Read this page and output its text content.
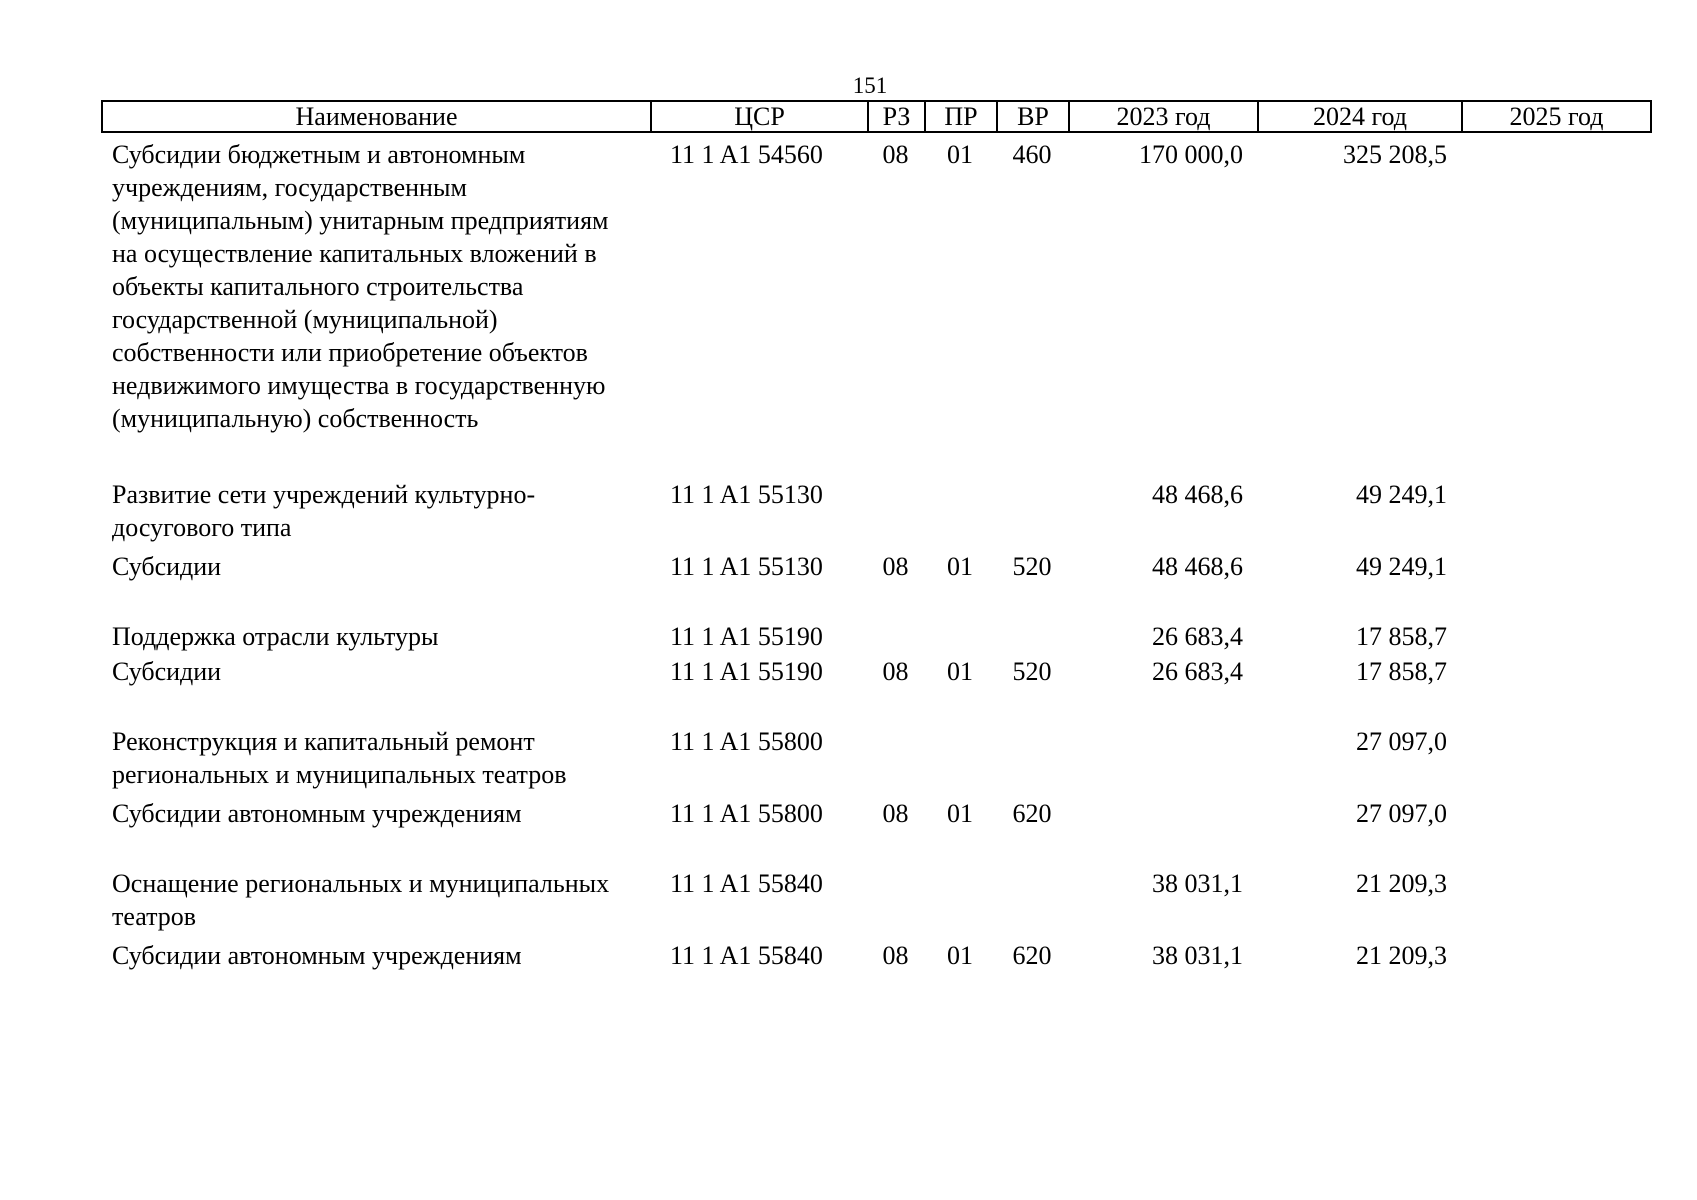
151
Наименование	ЦСР	РЗ	ПР	ВР	2023 год	2024 год	2025 год
Субсидии бюджетным и автономным учреждениям, государственным (муниципальным) унитарным предприятиям на осуществление капитальных вложений в объекты капитального строительства государственной (муниципальной) собственности или приобретение объектов недвижимого имущества в государственную (муниципальную) собственность	11 1 A1 54560	08	01	460	170 000,0	325 208,5	
Развитие сети учреждений культурно-досугового типа	11 1 A1 55130				48 468,6	49 249,1	
Субсидии	11 1 A1 55130	08	01	520	48 468,6	49 249,1	
Поддержка отрасли культуры	11 1 A1 55190				26 683,4	17 858,7	
Субсидии	11 1 A1 55190	08	01	520	26 683,4	17 858,7	
Реконструкция и капитальный ремонт региональных и муниципальных театров	11 1 A1 55800					27 097,0	
Субсидии автономным учреждениям	11 1 A1 55800	08	01	620		27 097,0	
Оснащение региональных и муниципальных театров	11 1 A1 55840				38 031,1	21 209,3	
Субсидии автономным учреждениям	11 1 A1 55840	08	01	620	38 031,1	21 209,3	
